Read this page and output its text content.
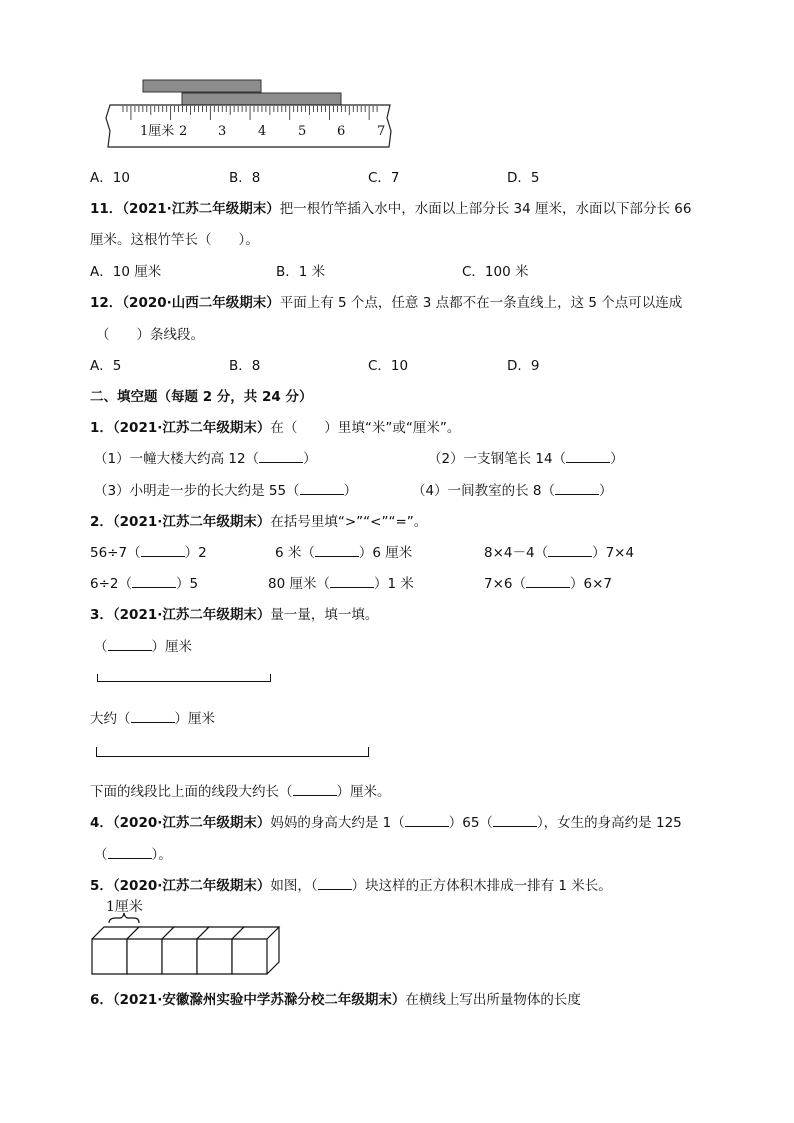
1厘米 2 3 4 5 6 7
A．10	B．8	C．7	D．5
11．（2021·江苏二年级期末）把一根竹竿插入水中，水面以上部分长 34 厘米，水面以下部分长 66
厘米。这根竹竿长（　　）。
A．10 厘米	B．1 米	C．100 米
12．（2020·山西二年级期末）平面上有 5 个点，任意 3 点都不在一条直线上，这 5 个点可以连成
（　　）条线段。
A．5	B．8	C．10	D．9
二、填空题（每题 2 分，共 24 分）
1．（2021·江苏二年级期末）在（　　）里填“米”或“厘米”。
（1）一幢大楼大约高 12（	）	（2）一支钢笔长 14（	）
（3）小明走一步的长大约是 55（	）	（4）一间教室的长 8（	）
2．（2021·江苏二年级期末）在括号里填“>”“<”“=”。
56÷7（	）2	6 米（	）6 厘米	8×4－4（	）7×4
6÷2（	）5	80 厘米（	）1 米	7×6（	）6×7
3．（2021·江苏二年级期末）量一量，填一填。
（	）厘米
大约（	）厘米
下面的线段比上面的线段大约长（	）厘米。
4．（2020·江苏二年级期末）妈妈的身高大约是 1（	）65（	），女生的身高约是 125
（	）。
5．（2020·江苏二年级期末）如图，（	）块这样的正方体积木排成一排有 1 米长。
1厘米
6．（2021·安徽滁州实验中学苏滁分校二年级期末）在横线上写出所量物体的长度
